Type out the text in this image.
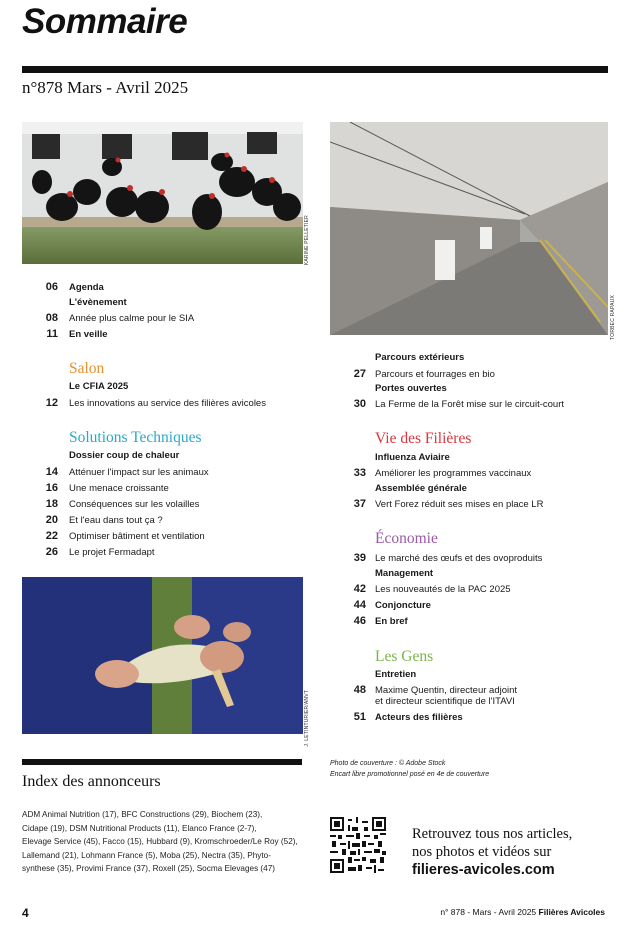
Sommaire
n°878 Mars - Avril 2025
KARINE PELLETIER
TORBEC RAPAUX
06 Agenda
L'évènement
08 Année plus calme pour le SIA
11 En veille
Salon
Le CFIA 2025
12 Les innovations au service des filières avicoles
Solutions Techniques
Dossier coup de chaleur
14 Atténuer l'impact sur les animaux
16 Une menace croissante
18 Conséquences sur les volailles
20 Et l'eau dans tout ça ?
22 Optimiser bâtiment et ventilation
26 Le projet Fermadapt
J. LETINTURIER/ANVT
Parcours extérieurs
27 Parcours et fourrages en bio
Portes ouvertes
30 La Ferme de la Forêt mise sur le circuit-court
Vie des Filières
Influenza Aviaire
33 Améliorer les programmes vaccinaux
Assemblée générale
37 Vert Forez réduit ses mises en place LR
Économie
39 Le marché des œufs et des ovoproduits
Management
42 Les nouveautés de la PAC 2025
44 Conjoncture
46 En bref
Les Gens
Entretien
48 Maxime Quentin, directeur adjoint
et directeur scientifique de l'ITAVI
51 Acteurs des filières
Index des annonceurs
ADM Animal Nutrition (17), BFC Constructions (29), Biochem (23),
Cidape (19), DSM Nutritional Products (11), Elanco France (2-7),
Elevage Service (45), Facco (15), Hubbard (9), Kromschroeder/Le Roy (52),
Lallemand (21), Lohmann France (5), Moba (25), Nectra (35), Phyto-
synthese (35), Provimi France (37), Roxell (25), Socma Elevages (47)
Photo de couverture : © Adobe Stock
Encart libre promotionnel posé en 4e de couverture
Retrouvez tous nos articles,
nos photos et vidéos sur
filieres-avicoles.com
4	n° 878 - Mars - Avril 2025 Filières Avicoles
